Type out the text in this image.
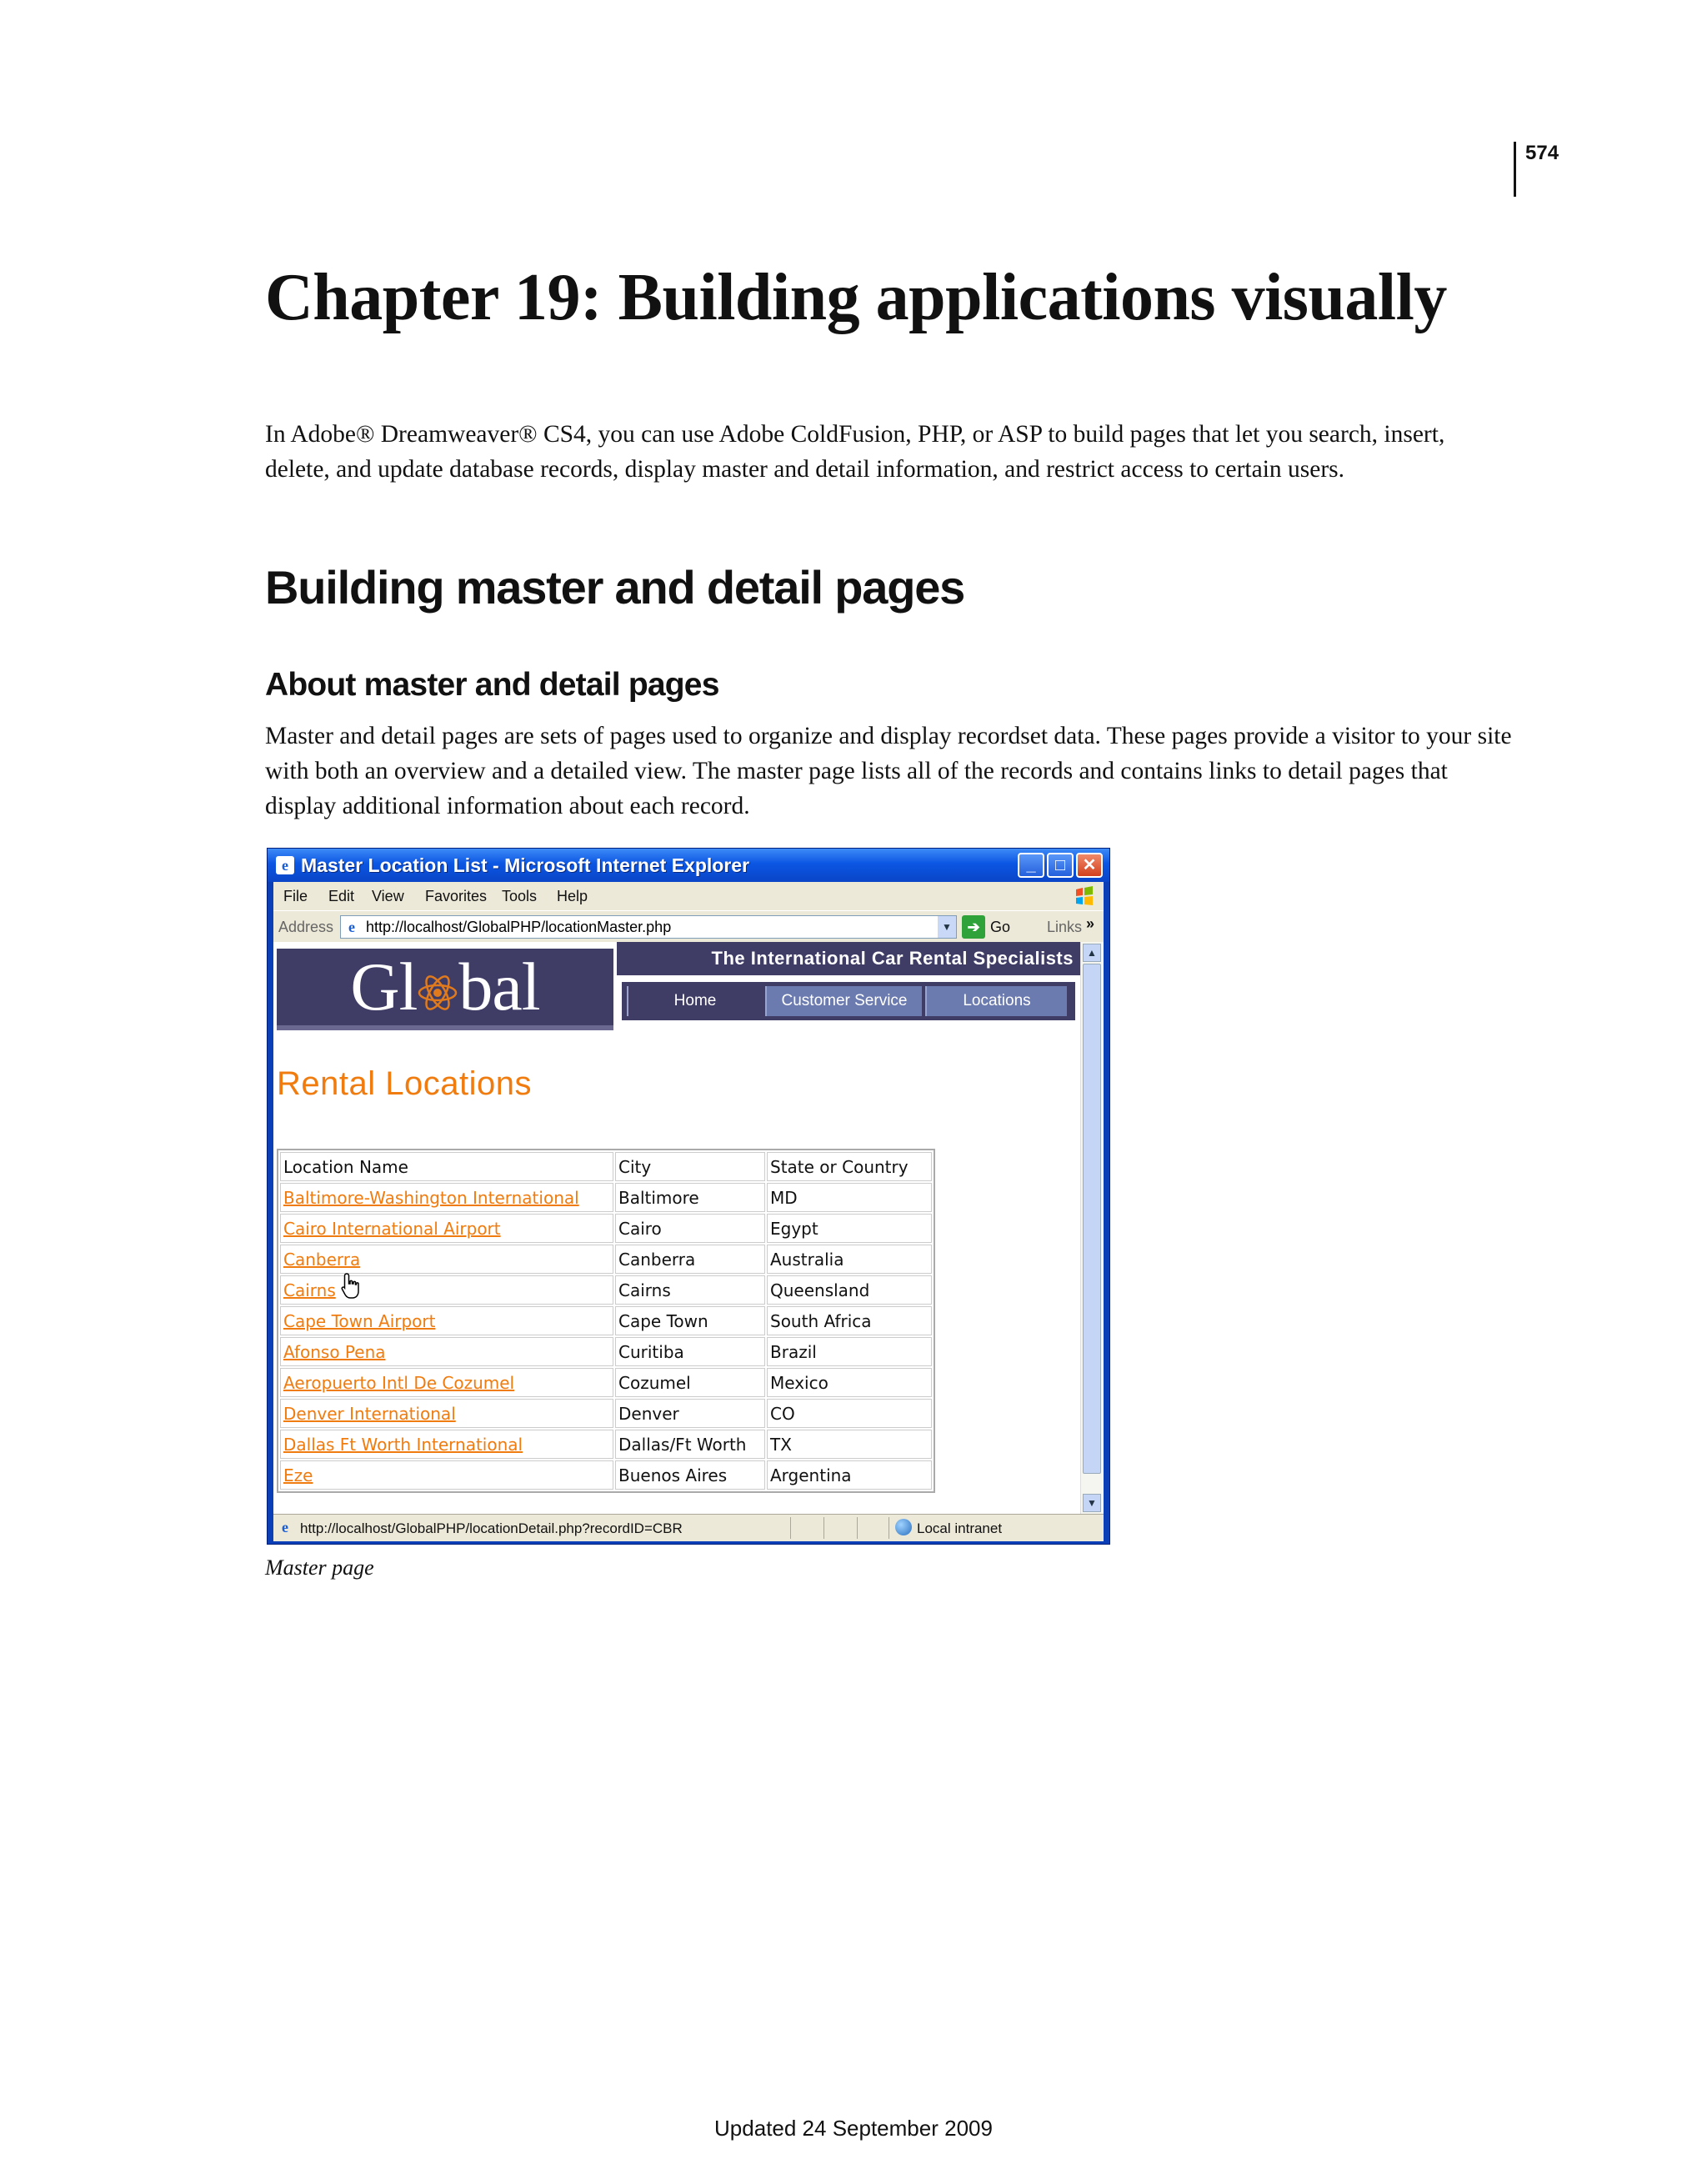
574
Chapter 19: Building applications visually

In Adobe® Dreamweaver® CS4, you can use Adobe ColdFusion, PHP, or ASP to build pages that let you search, insert, delete, and update database records, display master and detail information, and restrict access to certain users.

Building master and detail pages
About master and detail pages

Master and detail pages are sets of pages used to organize and display recordset data. These pages provide a visitor to your site with both an overview and a detailed view. The master page lists all of the records and contains links to detail pages that display additional information about each record.

e Master Location List - Microsoft Internet Explorer	_	□	✕
File Edit View Favorites Tools Help
Address e http://localhost/GlobalPHP/locationMaster.php	▼	➔ Go Links »
Gl bal	The International Car Rental Specialists
Home	Customer Service	Locations
Rental Locations
Location Name	City	State or Country
Baltimore-Washington International	Baltimore	MD
Cairo International Airport	Cairo	Egypt
Canberra	Canberra	Australia
Cairns	Cairns	Queensland
Cape Town Airport	Cape Town	South Africa
Afonso Pena	Curitiba	Brazil
Aeropuerto Intl De Cozumel	Cozumel	Mexico
Denver International	Denver	CO
Dallas Ft Worth International	Dallas/Ft Worth	TX
Eze	Buenos Aires	Argentina
▲
▼
e http://localhost/GlobalPHP/locationDetail.php?recordID=CBR	Local intranet
Master page
Updated 24 September 2009
